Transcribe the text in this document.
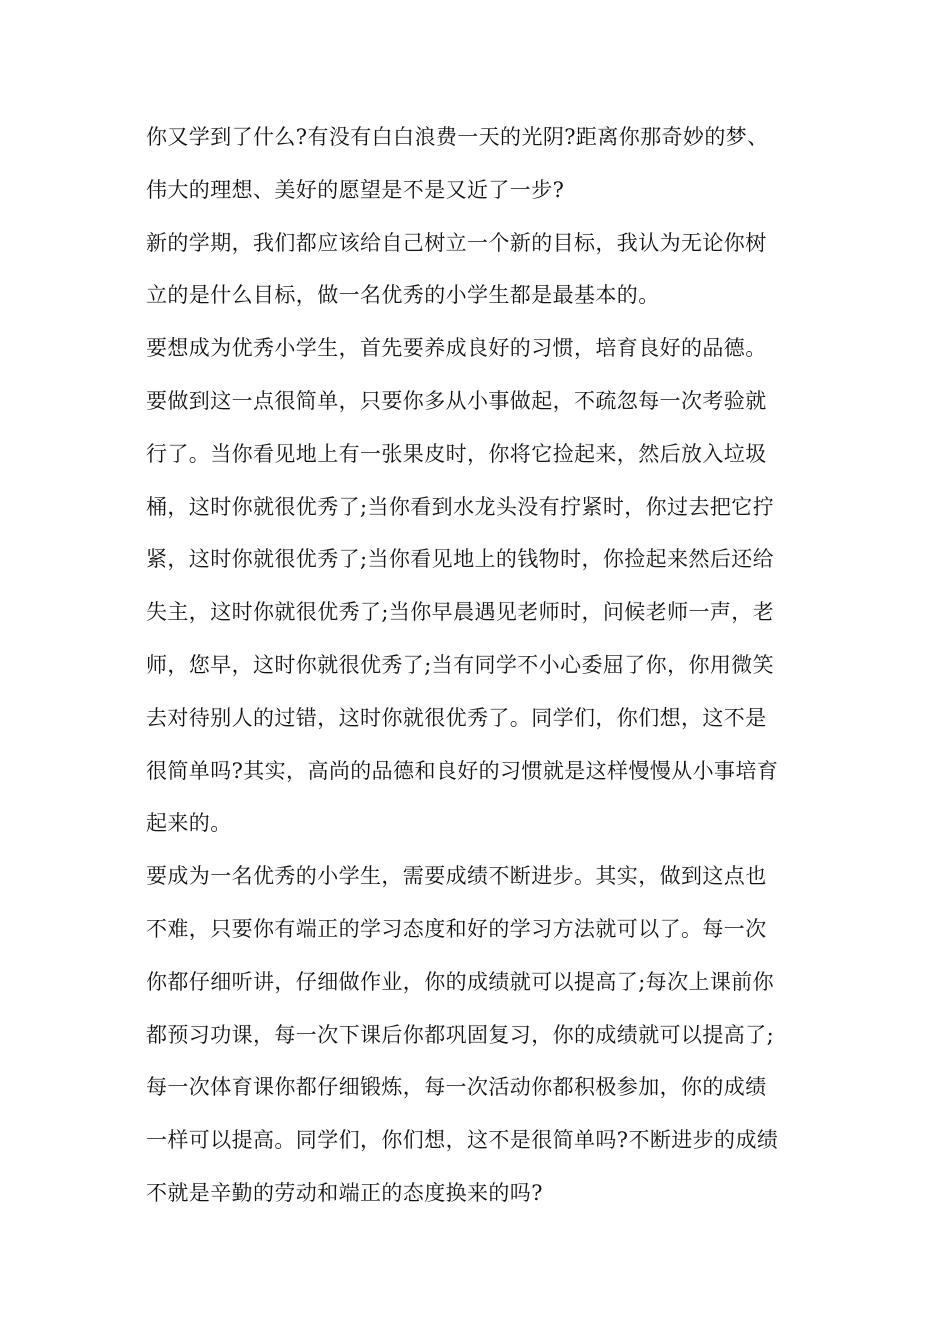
你又学到了什么?有没有白白浪费一天的光阴?距离你那奇妙的梦、
伟大的理想、美好的愿望是不是又近了一步?
新的学期，我们都应该给自己树立一个新的目标，我认为无论你树
立的是什么目标，做一名优秀的小学生都是最基本的。
要想成为优秀小学生，首先要养成良好的习惯，培育良好的品德。
要做到这一点很简单，只要你多从小事做起，不疏忽每一次考验就
行了。当你看见地上有一张果皮时，你将它捡起来，然后放入垃圾
桶，这时你就很优秀了;当你看到水龙头没有拧紧时，你过去把它拧
紧，这时你就很优秀了;当你看见地上的钱物时，你捡起来然后还给
失主，这时你就很优秀了;当你早晨遇见老师时，问候老师一声，老
师，您早，这时你就很优秀了;当有同学不小心委屈了你，你用微笑
去对待别人的过错，这时你就很优秀了。同学们，你们想，这不是
很简单吗?其实，高尚的品德和良好的习惯就是这样慢慢从小事培育
起来的。
要成为一名优秀的小学生，需要成绩不断进步。其实，做到这点也
不难，只要你有端正的学习态度和好的学习方法就可以了。每一次
你都仔细听讲，仔细做作业，你的成绩就可以提高了;每次上课前你
都预习功课，每一次下课后你都巩固复习，你的成绩就可以提高了;
每一次体育课你都仔细锻炼，每一次活动你都积极参加，你的成绩
一样可以提高。同学们，你们想，这不是很简单吗?不断进步的成绩
不就是辛勤的劳动和端正的态度换来的吗?
